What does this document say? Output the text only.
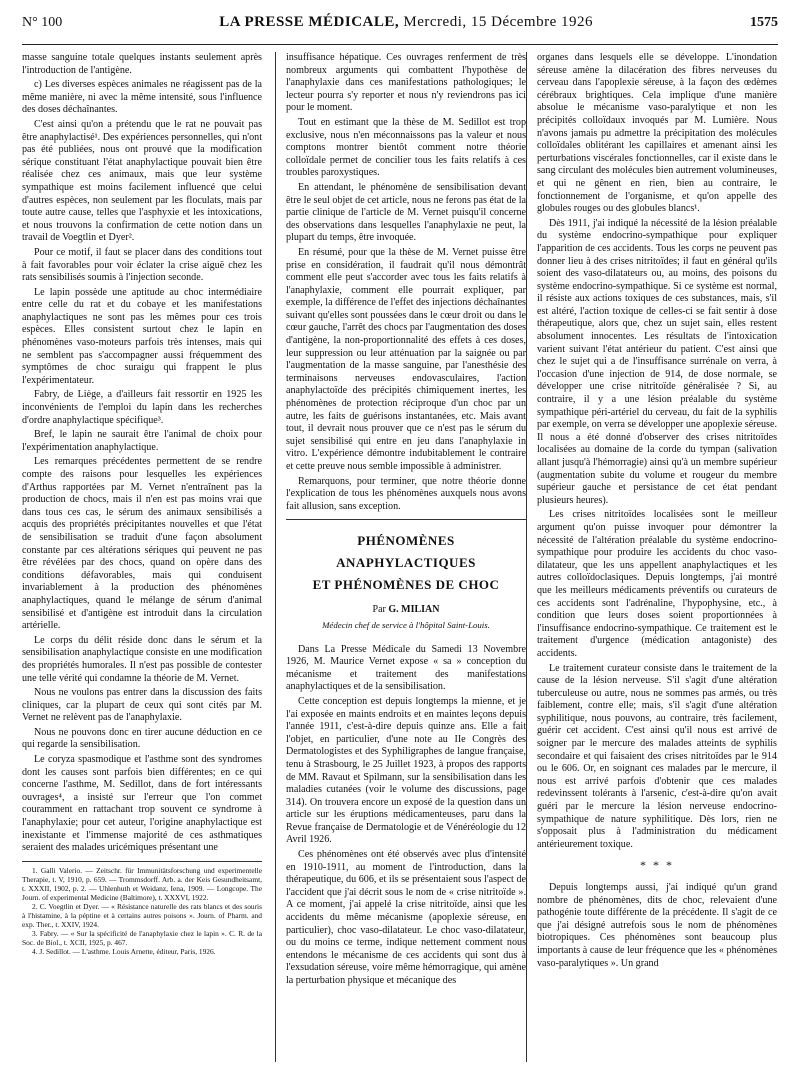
N° 100	LA PRESSE MÉDICALE, Mercredi, 15 Décembre 1926	1575

masse sanguine totale quelques instants seulement après l'introduction de l'antigène.

c) Les diverses espèces animales ne réagissent pas de la même manière, ni avec la même intensité, sous l'influence des doses déchaînantes.

C'est ainsi qu'on a prétendu que le rat ne pouvait pas être anaphylactisé¹. Des expériences personnelles, qui n'ont pas été publiées, nous ont prouvé que la modification sérique constituant l'état anaphylactique pouvait bien être réalisée chez ces animaux, mais que leur système sympathique est moins facilement influencé que celui d'autres espèces, non seulement par les floculats, mais par toute autre cause, telles que l'asphyxie et les intoxications, et nous trouvons la confirmation de cette notion dans un travail de Voegtlin et Dyer².

Pour ce motif, il faut se placer dans des conditions tout à fait favorables pour voir éclater la crise aiguë chez les rats sensibilisés soumis à l'injection seconde.

Le lapin possède une aptitude au choc intermédiaire entre celle du rat et du cobaye et les manifestations anaphylactiques ne sont pas les mêmes pour ces trois espèces. Elles consistent surtout chez le lapin en phénomènes vaso-moteurs parfois très intenses, mais qui ne semblent pas s'accompagner aussi fréquemment des symptômes de choc suraigu qui frappent le plus l'expérimentateur.

Fabry, de Liège, a d'ailleurs fait ressortir en 1925 les inconvénients de l'emploi du lapin dans les recherches d'ordre anaphylactique spécifique³.

Bref, le lapin ne saurait être l'animal de choix pour l'expérimentation anaphylactique.

Les remarques précédentes permettent de se rendre compte des raisons pour lesquelles les expériences d'Arthus rapportées par M. Vernet n'entraînent pas la production de chocs, mais il n'en est pas moins vrai que dans tous ces cas, le sérum des animaux sensibilisés a acquis des propriétés précipitantes nouvelles et que l'état de sensibilisation se traduit d'une façon absolument constante par ces altérations sériques qui peuvent ne pas être révélées par des chocs, quand on opère dans des conditions défavorables, mais qui conduisent invariablement à la production des phénomènes anaphylactiques, quand le mélange de sérum d'animal sensibilisé et d'antigène est introduit dans la circulation artérielle.

Le corps du délit réside donc dans le sérum et la sensibilisation anaphylactique consiste en une modification des propriétés humorales. Il n'est pas possible de contester une telle vérité qui condamne la théorie de M. Vernet.

Nous ne voulons pas entrer dans la discussion des faits cliniques, car la plupart de ceux qui sont cités par M. Vernet ne relèvent pas de l'anaphylaxie.

Nous ne pouvons donc en tirer aucune déduction en ce qui regarde la sensibilisation.

Le coryza spasmodique et l'asthme sont des syndromes dont les causes sont parfois bien différentes; en ce qui concerne l'asthme, M. Sedillot, dans de fort intéressants ouvrages⁴, a insisté sur l'erreur que l'on commet couramment en rattachant trop souvent ce syndrome à l'anaphylaxie; pour cet auteur, l'origine anaphylactique est inexistante et l'immense majorité de ces asthmatiques seraient des malades uricémiques présentant une

1. Galli Valerio. — Zeitschr. für Immunitätsforschung und experimentelle Therapie, t. V, 1910, p. 659. — Trommsdorff. Arb. a. der Keis Gesundheitsamt, t. XXXII, 1902, p. 2. — Uhlenhuth et Weidanz, Iena, 1909. — Longcope. The Journ. of experimental Medicine (Baltimore), t. XXXVI, 1922.
2. C. Voegtlin et Dyer. — « Résistance naturelle des rats blancs et des souris à l'histamine, à la péptine et à certains autres poisons ». Journ. of Pharm. and exp. Ther., t. XXIV, 1924.
3. Fabry. — « Sur la spécificité de l'anaphylaxie chez le lapin ». C. R. de la Soc. de Biol., t. XCII, 1925, p. 467.
4. J. Sedillot. — L'asthme. Louis Arnette, éditeur, Paris, 1926.

insuffisance hépatique. Ces ouvrages renferment de très nombreux arguments qui combattent l'hypothèse de l'anaphylaxie dans ces manifestations pathologiques; le lecteur pourra s'y reporter et nous n'y reviendrons pas ici pour le moment.

Tout en estimant que la thèse de M. Sedillot est trop exclusive, nous n'en méconnaissons pas la valeur et nous comptons montrer bientôt comment notre théorie colloïdale permet de concilier tous les faits relatifs à ces troubles paroxystiques.

En attendant, le phénomène de sensibilisation devant être le seul objet de cet article, nous ne ferons pas état de la partie clinique de l'article de M. Vernet puisqu'il concerne des observations dans lesquelles l'anaphylaxie ne peut, la plupart du temps, être invoquée.

En résumé, pour que la thèse de M. Vernet puisse être prise en considération, il faudrait qu'il nous démontrât comment elle peut s'accorder avec tous les faits relatifs à l'anaphylaxie, comment elle pourrait expliquer, par exemple, la différence de l'effet des injections déchaînantes suivant qu'elles sont poussées dans le cœur droit ou dans le cœur gauche, l'arrêt des chocs par l'augmentation des doses d'antigène, la non-proportionnalité des effets à ces doses, leur suppression ou leur atténuation par la saignée ou par l'augmentation de la masse sanguine, par l'anesthésie des terminaisons nerveuses endovasculaires, l'action anaphylactoïde des précipités chimiquement inertes, les phénomènes de protection réciproque d'un choc par un autre, les faits de guérisons instantanées, etc. Mais avant tout, il devrait nous prouver que ce n'est pas le sérum du sujet sensibilisé qui entre en jeu dans l'anaphylaxie in vitro. L'expérience démontre indubitablement le contraire et cette preuve nous semble impossible à administrer.

Remarquons, pour terminer, que notre théorie donne l'explication de tous les phénomènes auxquels nous avons fait allusion, sans exception.

PHÉNOMÈNES ANAPHYLACTIQUES
ET PHÉNOMÈNES DE CHOC
Par G. MILIAN
Médecin chef de service à l'hôpital Saint-Louis.

Dans La Presse Médicale du Samedi 13 Novembre 1926, M. Maurice Vernet expose « sa » conception du mécanisme et traitement des manifestations anaphylactiques et de la sensibilisation.

Cette conception est depuis longtemps la mienne, et je l'ai exposée en maints endroits et en maintes leçons depuis l'année 1911, c'est-à-dire depuis quinze ans. Elle a fait l'objet, en particulier, d'une note au IIe Congrès des Dermatologistes et des Syphiligraphes de langue française, tenu à Strasbourg, le 25 Juillet 1923, à propos des rapports de MM. Ravaut et Spilmann, sur la sensibilisation dans les maladies cutanées (voir le volume des discussions, page 314). On trouvera encore un exposé de la question dans un article sur les éruptions médicamenteuses, paru dans la Revue française de Dermatologie et de Vénéréologie du 12 Avril 1926.

Ces phénomènes ont été observés avec plus d'intensité en 1910-1911, au moment de l'introduction, dans la thérapeutique, du 606, et ils se présentaient sous l'aspect de l'accident que j'ai décrit sous le nom de « crise nitritoïde ». A ce moment, j'ai appelé la crise nitritoïde, ainsi que les accidents du même mécanisme (apoplexie séreuse, en particulier), choc vaso-dilatateur. Le choc vaso-dilatateur, ou du moins ce terme, indique nettement comment nous entendons le mécanisme de ces accidents qui sont dus à l'exsudation séreuse, voire même hémorragique, qui amène la perturbation physique et mécanique des

organes dans lesquels elle se développe. L'inondation séreuse amène la dilacération des fibres nerveuses du cerveau dans l'apoplexie séreuse, à la façon des œdèmes cérébraux brightiques. Cela implique d'une manière absolue le mécanisme vaso-paralytique et non les précipités colloïdaux invoqués par M. Lumière. Nous n'avons jamais pu admettre la précipitation des molécules colloïdales oblitérant les capillaires et amenant ainsi les perturbations viscérales fonctionnelles, car il existe dans le sang circulant des molécules bien autrement volumineuses, et qui ne gênent en rien, bien au contraire, le fonctionnement de l'organisme, et qu'on appelle des globules rouges ou des globules blancs¹.

Dès 1911, j'ai indiqué la nécessité de la lésion préalable du système endocrino-sympathique pour expliquer l'apparition de ces accidents. Tous les corps ne peuvent pas donner lieu à des crises nitritoïdes; il faut en général qu'ils soient des vaso-dilatateurs ou, au moins, des poisons du système endocrino-sympathique. Si ce système est normal, il résiste aux actions toxiques de ces substances, mais, s'il est altéré, l'action toxique de celles-ci se fait sentir à dose thérapeutique, alors que, chez un sujet sain, elles restent absolument innocentes. Les résultats de l'intoxication varient suivant l'état antérieur du patient. C'est ainsi que chez le sujet qui a de l'insuffisance surrénale on verra, à l'occasion d'une injection de 914, de dose normale, se développer une crise nitritoïde généralisée ? Si, au contraire, il y a une lésion préalable du système sympathique péri-artériel du cerveau, du fait de la syphilis par exemple, on verra se développer une apoplexie séreuse. Il nous a été donné d'observer des crises nitritoïdes localisées au domaine de la corde du tympan (salivation allant jusqu'à l'hémorragie) ainsi qu'à un membre supérieur (augmentation subite du volume et rougeur du membre supérieur gauche et persistance de cet état pendant plusieurs heures).

Les crises nitritoïdes localisées sont le meilleur argument qu'on puisse invoquer pour démontrer la nécessité de l'altération préalable du système endocrino-sympathique pour produire les accidents du choc vaso-dilatateur, que les uns appellent anaphylactiques et les autres colloïdoclasiques. Depuis longtemps, j'ai montré que les meilleurs médicaments préventifs ou curateurs de ces accidents sont l'adrénaline, l'hypophysine, etc., à condition que leurs doses soient proportionnées à l'insuffisance endocrino-sympathique. Ce traitement est le traitement d'urgence (médication antagoniste) des accidents.

Le traitement curateur consiste dans le traitement de la cause de la lésion nerveuse. S'il s'agit d'une altération tuberculeuse ou autre, nous ne sommes pas armés, ou très faiblement, contre elle; mais, s'il s'agit d'une altération syphilitique, nous pouvons, au contraire, très facilement, guérir cet accident. C'est ainsi qu'il nous est arrivé de soigner par le mercure des malades atteints de syphilis secondaire et qui faisaient des crises nitritoïdes par le 914 ou le 606. Or, en soignant ces malades par le mercure, il nous est arrivé parfois d'obtenir que ces malades redevinssent tolérants à l'arsenic, c'est-à-dire qu'on avait guéri par le mercure la lésion nerveuse endocrino-sympathique de nature syphilitique. Dès lors, rien ne s'opposait plus à l'administration du médicament antérieurement toxique.

* * *

Depuis longtemps aussi, j'ai indiqué qu'un grand nombre de phénomènes, dits de choc, relevaient d'une pathogénie toute différente de la précédente. Il s'agit de ce que j'ai désigné autrefois sous le nom de phénomènes biotropiques. Ces phénomènes sont beaucoup plus importants à cause de leur fréquence que les « phénomènes vaso-paralytiques ». Un grand
